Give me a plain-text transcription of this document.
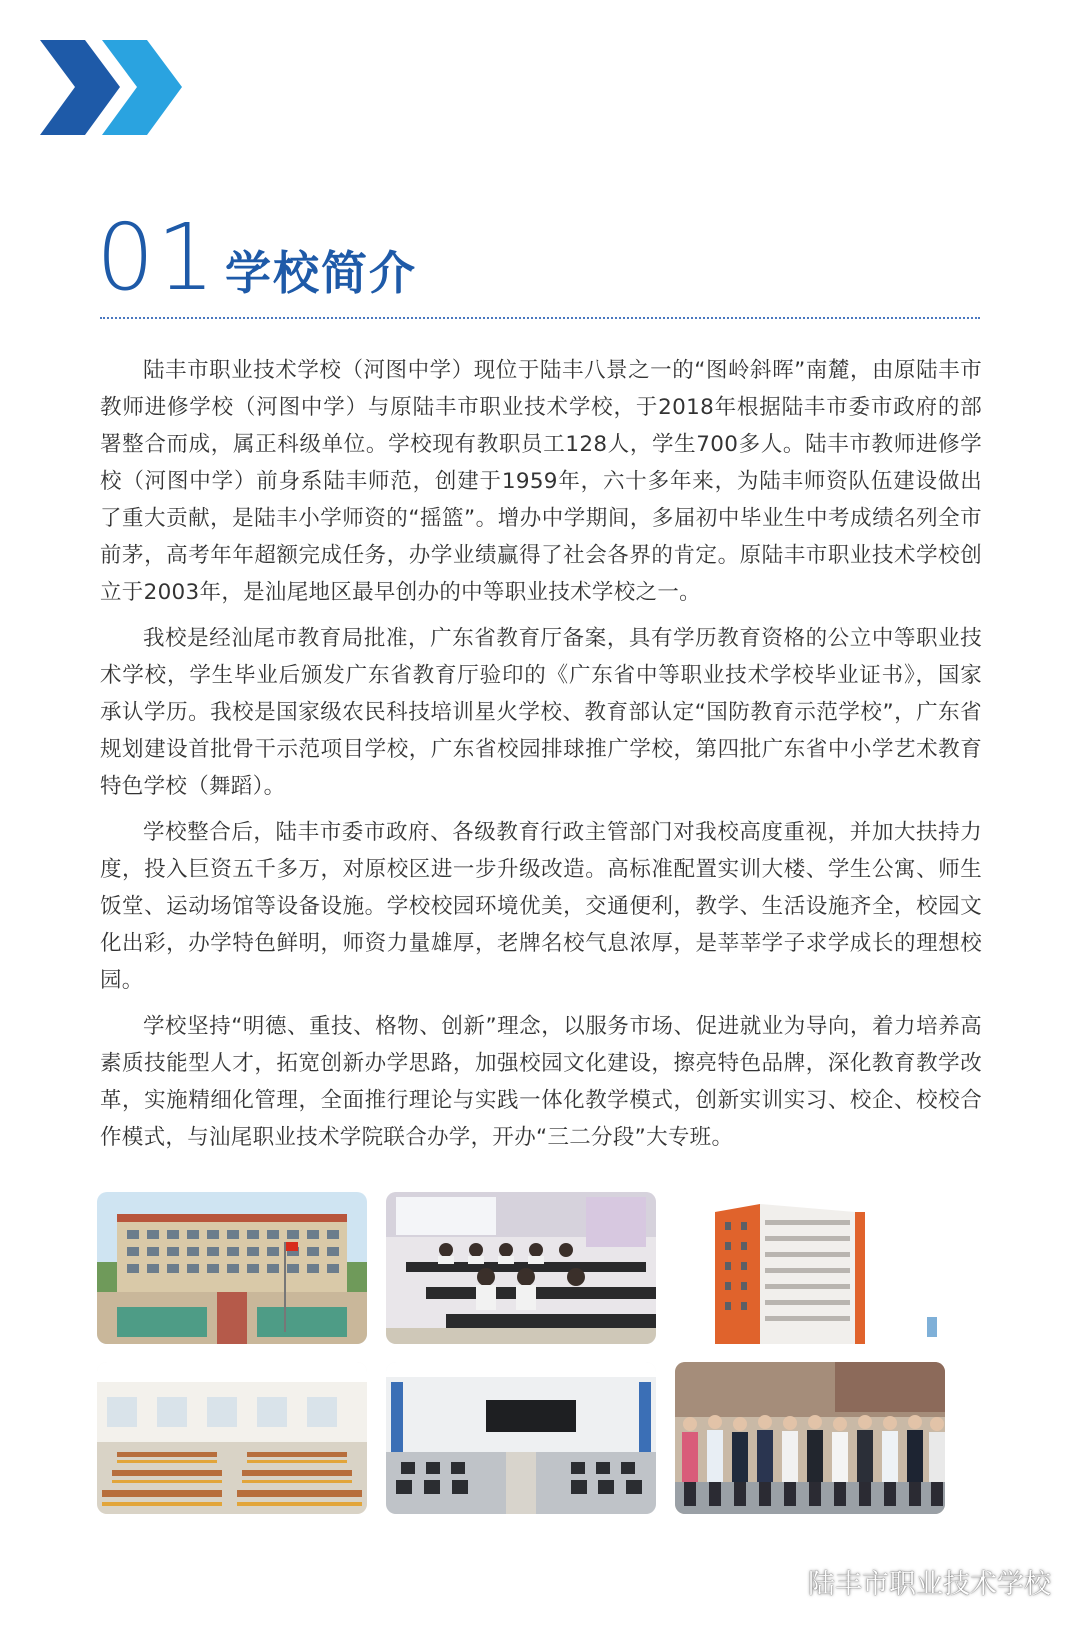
01 学校简介

陆丰市职业技术学校（河图中学）现位于陆丰八景之一的“图岭斜晖”南麓，由原陆丰市教师进修学校（河图中学）与原陆丰市职业技术学校，于2018年根据陆丰市委市政府的部署整合而成，属正科级单位。学校现有教职员工128人，学生700多人。陆丰市教师进修学校（河图中学）前身系陆丰师范，创建于1959年，六十多年来，为陆丰师资队伍建设做出了重大贡献，是陆丰小学师资的“摇篮”。增办中学期间，多届初中毕业生中考成绩名列全市前茅，高考年年超额完成任务，办学业绩赢得了社会各界的肯定。原陆丰市职业技术学校创立于2003年，是汕尾地区最早创办的中等职业技术学校之一。

我校是经汕尾市教育局批准，广东省教育厅备案，具有学历教育资格的公立中等职业技术学校，学生毕业后颁发广东省教育厅验印的《广东省中等职业技术学校毕业证书》，国家承认学历。我校是国家级农民科技培训星火学校、教育部认定“国防教育示范学校”，广东省规划建设首批骨干示范项目学校，广东省校园排球推广学校，第四批广东省中小学艺术教育特色学校（舞蹈）。

学校整合后，陆丰市委市政府、各级教育行政主管部门对我校高度重视，并加大扶持力度，投入巨资五千多万，对原校区进一步升级改造。高标准配置实训大楼、学生公寓、师生饭堂、运动场馆等设备设施。学校校园环境优美，交通便利，教学、生活设施齐全，校园文化出彩，办学特色鲜明，师资力量雄厚，老牌名校气息浓厚，是莘莘学子求学成长的理想校园。

学校坚持“明德、重技、格物、创新”理念，以服务市场、促进就业为导向，着力培养高素质技能型人才，拓宽创新办学思路，加强校园文化建设，擦亮特色品牌，深化教育教学改革，实施精细化管理，全面推行理论与实践一体化教学模式，创新实训实习、校企、校校合作模式，与汕尾职业技术学院联合办学，开办“三二分段”大专班。

陆丰市职业技术学校
